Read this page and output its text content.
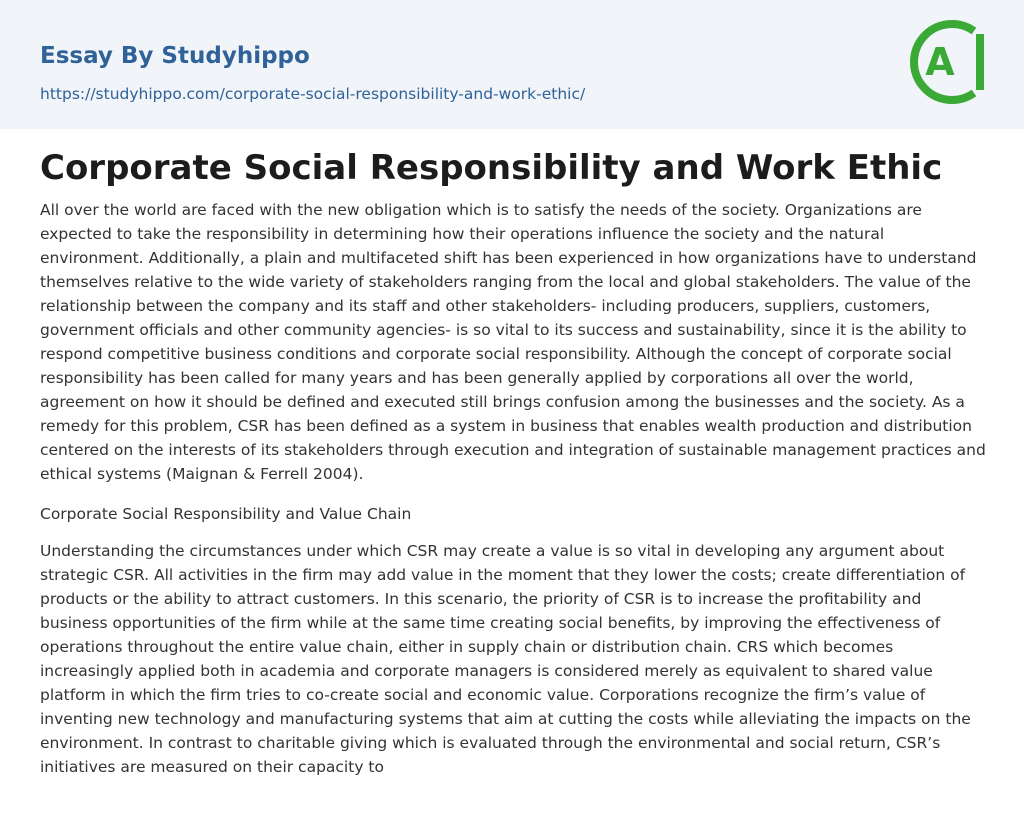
Essay By Studyhippo

https://studyhippo.com/corporate-social-responsibility-and-work-ethic/
A
Corporate Social Responsibility and Work Ethic

All over the world are faced with the new obligation which is to satisfy the needs of the society. Organizations are expected to take the responsibility in determining how their operations influence the society and the natural environment. Additionally, a plain and multifaceted shift has been experienced in how organizations have to understand themselves relative to the wide variety of stakeholders ranging from the local and global stakeholders. The value of the relationship between the company and its staff and other stakeholders- including producers, suppliers, customers, government officials and other community agencies- is so vital to its success and sustainability, since it is the ability to respond competitive business conditions and corporate social responsibility. Although the concept of corporate social responsibility has been called for many years and has been generally applied by corporations all over the world, agreement on how it should be defined and executed still brings confusion among the businesses and the society. As a remedy for this problem, CSR has been defined as a system in business that enables wealth production and distribution centered on the interests of its stakeholders through execution and integration of sustainable management practices and ethical systems (Maignan & Ferrell 2004).

Corporate Social Responsibility and Value Chain

Understanding the circumstances under which CSR may create a value is so vital in developing any argument about strategic CSR. All activities in the firm may add value in the moment that they lower the costs; create differentiation of products or the ability to attract customers. In this scenario, the priority of CSR is to increase the profitability and business opportunities of the firm while at the same time creating social benefits, by improving the effectiveness of operations throughout the entire value chain, either in supply chain or distribution chain. CRS which becomes increasingly applied both in academia and corporate managers is considered merely as equivalent to shared value platform in which the firm tries to co-create social and economic value. Corporations recognize the firm’s value of inventing new technology and manufacturing systems that aim at cutting the costs while alleviating the impacts on the environment. In contrast to charitable giving which is evaluated through the environmental and social return, CSR’s initiatives are measured on their capacity to
